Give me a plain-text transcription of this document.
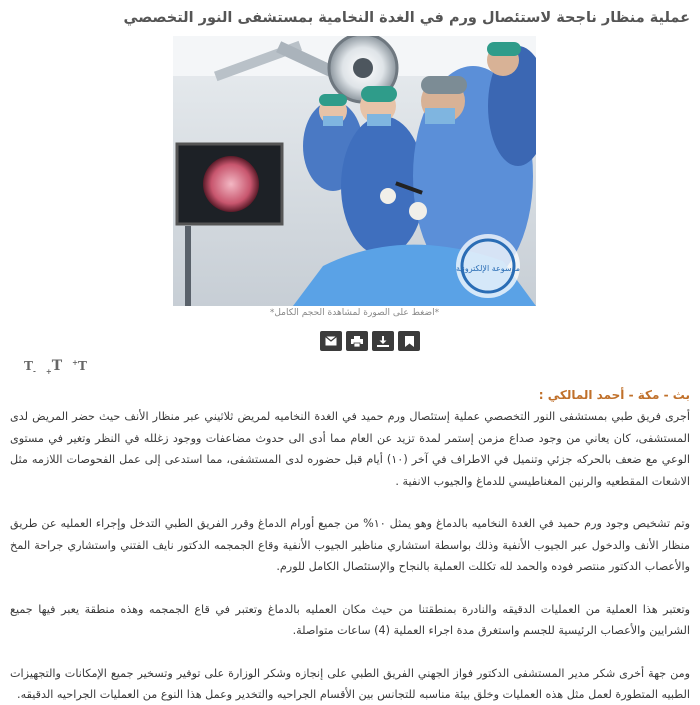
عملية منظار ناجحة لاستئصال ورم في الغدة النخامية بمستشفى النور التخصصي
موسوعة الإلكترونية
*اضغط على الصورة لمشاهدة الحجم الكامل*
$T_-$ $_+$T +T
بث - مكة - أحمد المالكي :

أجرى فريق طبي بمستشفى النور التخصصي عملية إستئصال ورم حميد في الغدة النخاميه لمريض ثلاثيني عبر منظار الأنف حيث حضر المريض لدى المستشفى، كان يعاني من وجود صداع مزمن إستمر لمدة تزيد عن العام مما أدى الى حدوث مضاعفات ووجود زغلله في النظر وتغير في مستوى الوعي مع ضعف بالحركه جزئي وتنميل في الاطراف في آخر (١٠) أيام قبل حضوره لدى المستشفى، مما استدعى إلى عمل الفحوصات اللازمه مثل الاشعات المقطعيه والرنين المغناطيسي للدماغ والجيوب الانفية .

وتم تشخيص وجود ورم حميد في الغدة النخاميه بالدماغ وهو يمثل ١٠% من جميع أورام الدماغ وقرر الفريق الطبي التدخل وإجراء العمليه عن طريق منظار الأنف والدخول عبر الجيوب الأنفية وذلك بواسطة استشاري مناظير الجيوب الأنفية وقاع الجمجمه الدكتور نايف الفتني واستشاري جراحة المخ والأعصاب الدكتور منتصر فوده والحمد لله تكللت العملية بالنجاح والإستئصال الكامل للورم.

وتعتبر هذا العملية من العمليات الدقيقه والنادرة بمنطقتنا من حيث مكان العمليه بالدماغ وتعتبر في قاع الجمجمه وهذه منطقة يعبر فيها جميع الشرايين والأعصاب الرئيسية للجسم واستغرق مدة اجراء العملية (4) ساعات متواصلة.

ومن جهة أخرى شكر مدير المستشفى الدكتور فواز الجهني الفريق الطبي على إنجازه وشكر الوزارة على توفير وتسخير جميع الإمكانات والتجهيزات الطبيه المتطورة لعمل مثل هذه العمليات وخلق بيئة مناسبه للتجانس بين الأقسام الجراحيه والتخدير وعمل هذا النوع من العمليات الجراحيه الدقيقه.
